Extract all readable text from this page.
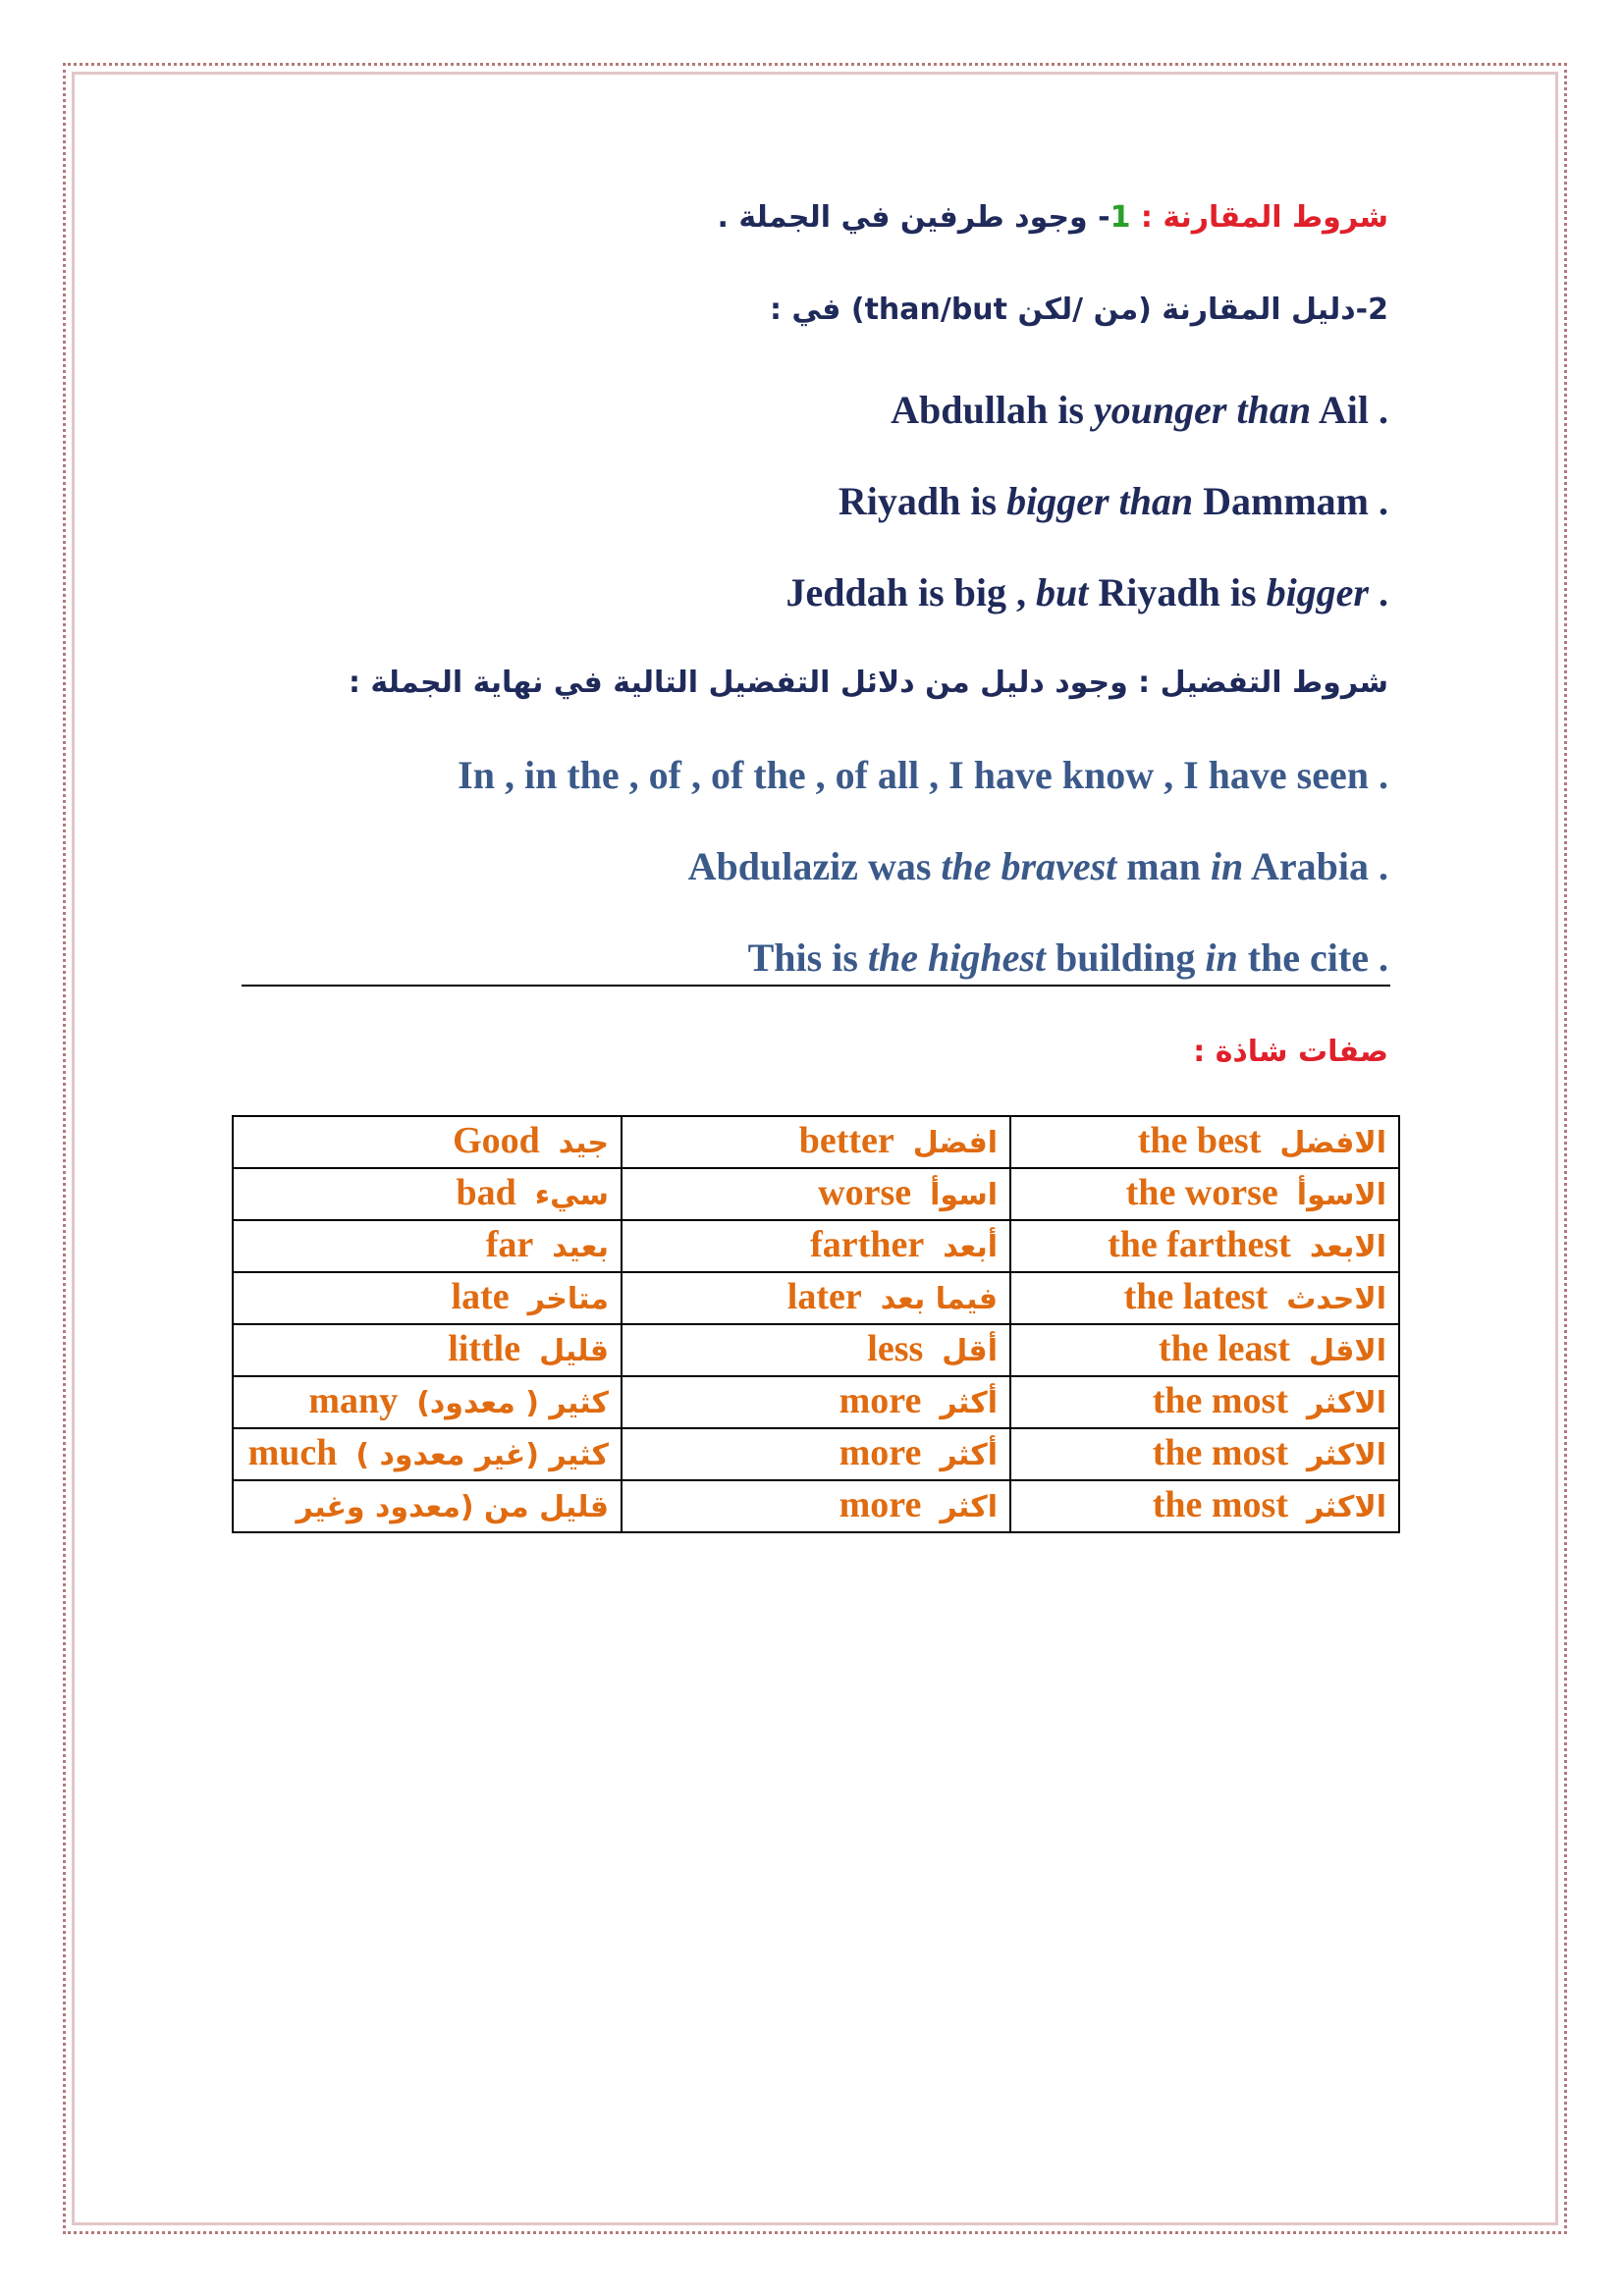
شروط المقارنة : 1- وجود طرفين في الجملة .
2-دليل المقارنة (من /لكن than/but) في :
Abdullah is younger than Ail .
Riyadh is bigger than Dammam .
Jeddah is big , but Riyadh is bigger .
شروط التفضيل : وجود دليل من دلائل التفضيل التالية في نهاية الجملة :
In , in the , of , of the , of all , I have know , I have seen .
Abdulaziz was the bravest man in Arabia .
This is the highest building in the cite .
صفات شاذة :
جيد  Good	افضل  better	الافضل  the best
سيء  bad	اسوأ  worse	الاسوأ  the worse
بعيد  far	أبعد  farther	الابعد  the farthest
متاخر  late	فيما بعد  later	الاحدث  the latest
قليل  little	أقل  less	الاقل  the least
كثير ( معدود)  many	أكثر  more	الاكثر  the most
كثير (غير معدود )  much	أكثر  more	الاكثر  the most
قليل من (معدود وغير	اكثر  more	الاكثر  the most
